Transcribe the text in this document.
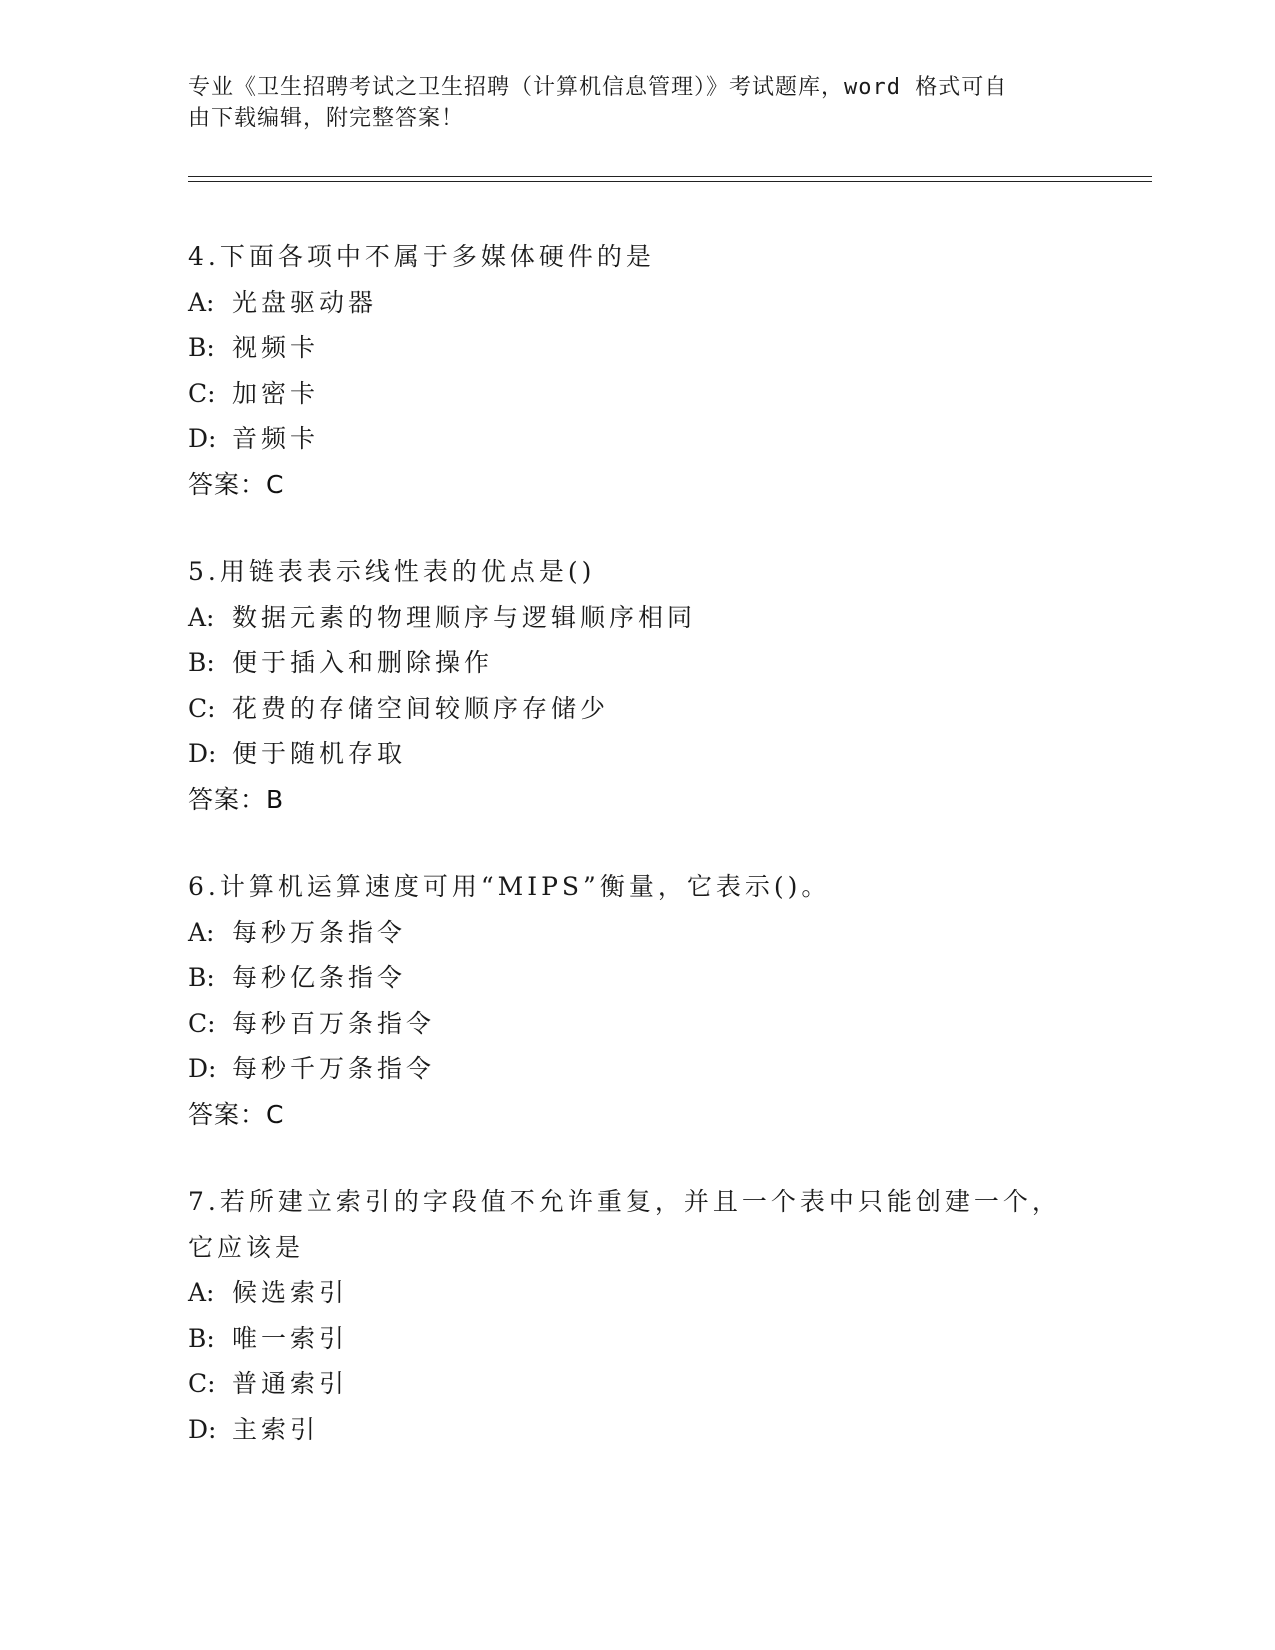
专业《卫生招聘考试之卫生招聘（计算机信息管理）》考试题库，word 格式可自
由下载编辑，附完整答案！
4.下面各项中不属于多媒体硬件的是
A: 光盘驱动器
B: 视频卡
C: 加密卡
D: 音频卡
答案：C
5.用链表表示线性表的优点是()
A: 数据元素的物理顺序与逻辑顺序相同
B: 便于插入和删除操作
C: 花费的存储空间较顺序存储少
D: 便于随机存取
答案：B
6.计算机运算速度可用“MIPS”衡量，它表示()。
A: 每秒万条指令
B: 每秒亿条指令
C: 每秒百万条指令
D: 每秒千万条指令
答案：C
7.若所建立索引的字段值不允许重复，并且一个表中只能创建一个，
它应该是
A: 候选索引
B: 唯一索引
C: 普通索引
D: 主索引
